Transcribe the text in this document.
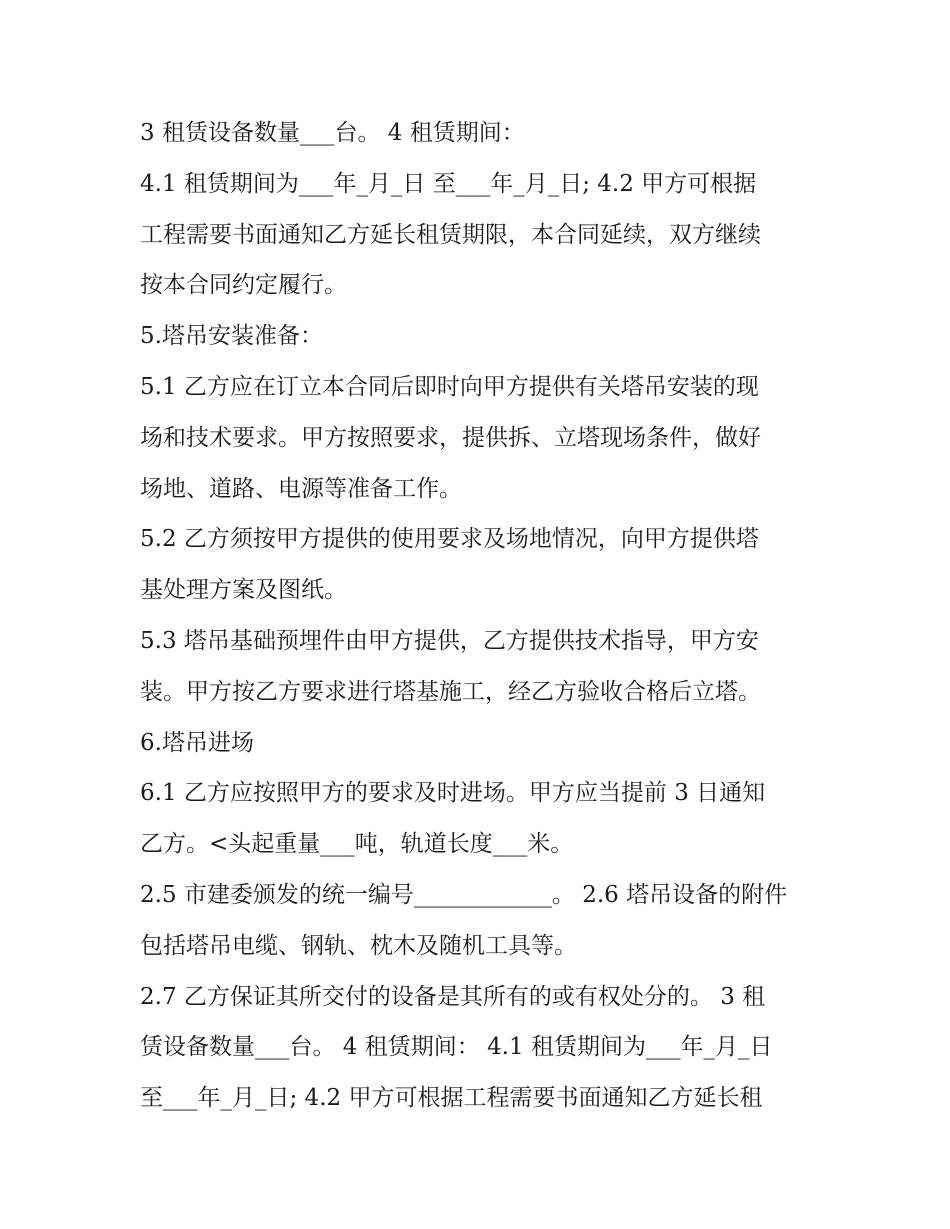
3 租赁设备数量___台。 4 租赁期间：
4.1 租赁期间为___年_月_日 至___年_月_日; 4.2 甲方可根据
工程需要书面通知乙方延长租赁期限，本合同延续，双方继续
按本合同约定履行。
5.塔吊安装准备：
5.1 乙方应在订立本合同后即时向甲方提供有关塔吊安装的现
场和技术要求。甲方按照要求，提供拆、立塔现场条件，做好
场地、道路、电源等准备工作。
5.2 乙方须按甲方提供的使用要求及场地情况，向甲方提供塔
基处理方案及图纸。
5.3 塔吊基础预埋件由甲方提供，乙方提供技术指导，甲方安
装。甲方按乙方要求进行塔基施工，经乙方验收合格后立塔。
6.塔吊进场
6.1 乙方应按照甲方的要求及时进场。甲方应当提前 3 日通知
乙方。<头起重量___吨，轨道长度___米。
2.5 市建委颁发的统一编号____________。 2.6 塔吊设备的附件
包括塔吊电缆、钢轨、枕木及随机工具等。
2.7 乙方保证其所交付的设备是其所有的或有权处分的。 3 租
赁设备数量___台。 4 租赁期间： 4.1 租赁期间为___年_月_日
至___年_月_日; 4.2 甲方可根据工程需要书面通知乙方延长租
